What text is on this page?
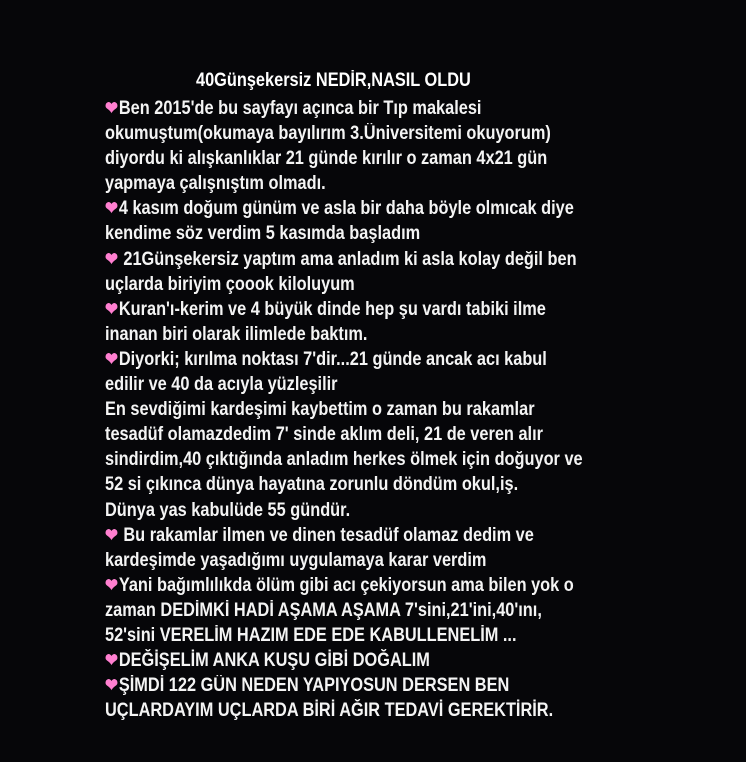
40Günşekersiz NEDİR,NASIL OLDU
❤Ben 2015'de bu sayfayı açınca bir Tıp makalesi
okumuştum(okumaya bayılırım 3.Üniversitemi okuyorum)
diyordu ki alışkanlıklar 21 günde kırılır o zaman 4x21 gün
yapmaya çalışnıştım olmadı.
❤4 kasım doğum günüm ve asla bir daha böyle olmıcak diye
kendime söz verdim 5 kasımda başladım
❤ 21Günşekersiz yaptım ama anladım ki asla kolay değil ben
uçlarda biriyim çoook kiloluyum
❤Kuran'ı-kerim ve 4 büyük dinde hep şu vardı tabiki ilme
inanan biri olarak ilimlede baktım.
❤Diyorki; kırılma noktası 7'dir...21 günde ancak acı kabul
edilir ve 40 da acıyla yüzleşilir
En sevdiğimi kardeşimi kaybettim o zaman bu rakamlar
tesadüf olamazdedim 7' sinde aklım deli, 21 de veren alır
sindirdim,40 çıktığında anladım herkes ölmek için doğuyor ve
52 si çıkınca dünya hayatına zorunlu döndüm okul,iş.
Dünya yas kabulüde 55 gündür.
❤ Bu rakamlar ilmen ve dinen tesadüf olamaz dedim ve
kardeşimde yaşadığımı uygulamaya karar verdim
❤Yani bağımlılıkda ölüm gibi acı çekiyorsun ama bilen yok o
zaman DEDİMKİ HADİ AŞAMA AŞAMA 7'sini,21'ini,40'ını,
52'sini VERELİM HAZIM EDE EDE KABULLENELİM ...
❤DEĞİŞELİM ANKA KUŞU GİBİ DOĞALIM
❤ŞİMDİ 122 GÜN NEDEN YAPIYOSUN DERSEN BEN
UÇLARDAYIM UÇLARDA BİRİ AĞIR TEDAVİ GEREKTİRİR.
